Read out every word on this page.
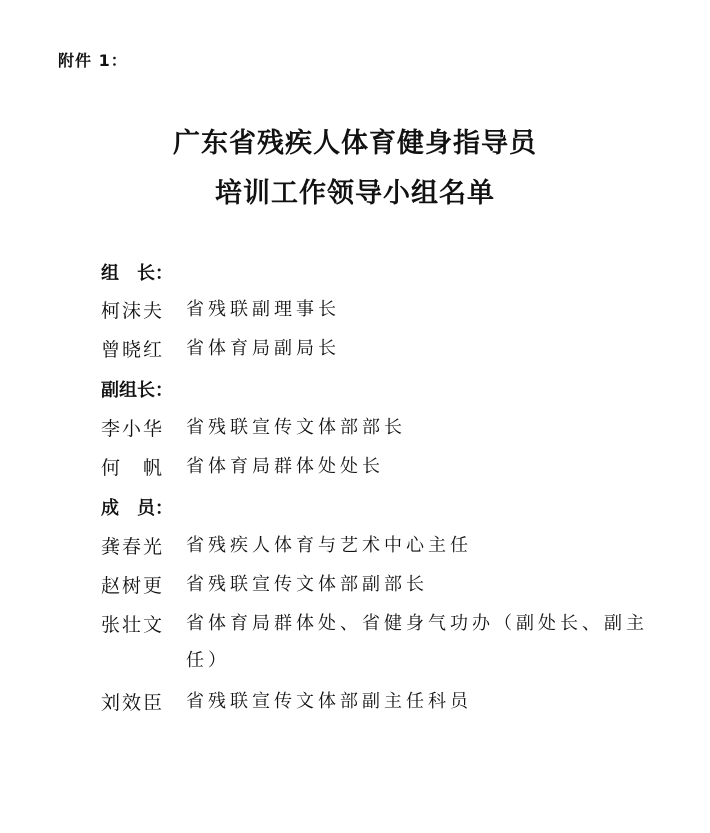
附件 1：
广东省残疾人体育健身指导员
培训工作领导小组名单
组　长：
柯沫夫	省残联副理事长
曾晓红	省体育局副局长
副组长：
李小华	省残联宣传文体部部长
何　帆	省体育局群体处处长
成　员：
龚春光	省残疾人体育与艺术中心主任
赵树更	省残联宣传文体部副部长
张壮文	省体育局群体处、省健身气功办（副处长、副主任）
刘效臣	省残联宣传文体部副主任科员
